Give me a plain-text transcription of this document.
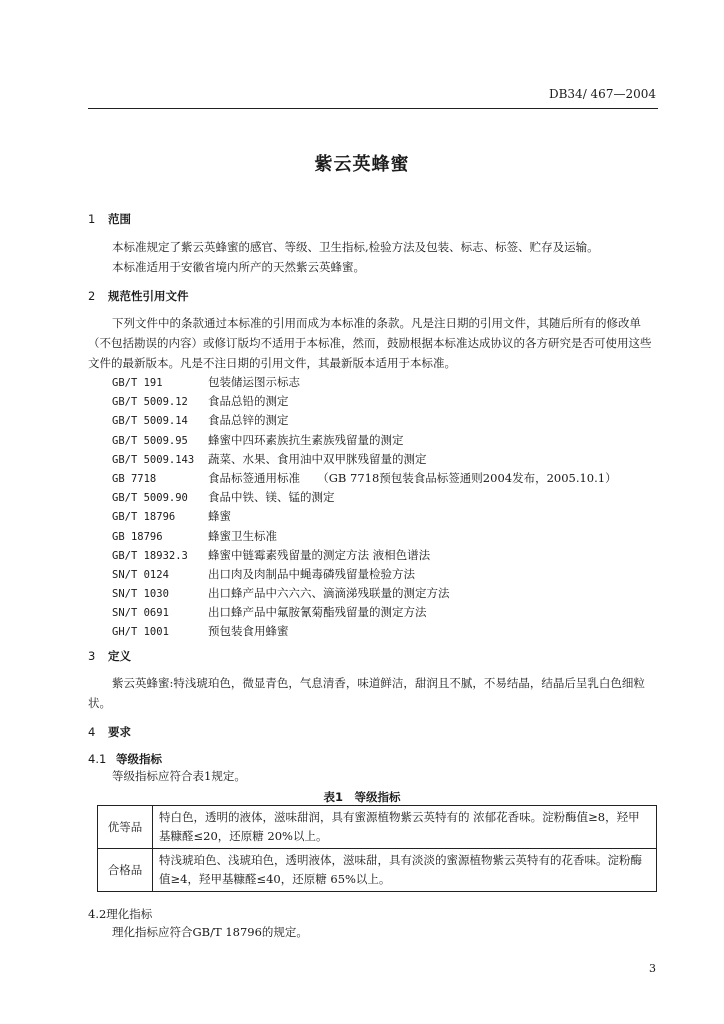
DB34/ 467—2004
紫云英蜂蜜
1 范围
本标准规定了紫云英蜂蜜的感官、等级、卫生指标,检验方法及包装、标志、标签、贮存及运输。
本标准适用于安徽省境内所产的天然紫云英蜂蜜。
2 规范性引用文件
下列文件中的条款通过本标准的引用而成为本标准的条款。凡是注日期的引用文件，其随后所有的修改单（不包括勘误的内容）或修订版均不适用于本标准，然而，鼓励根据本标准达成协议的各方研究是否可使用这些文件的最新版本。凡是不注日期的引用文件，其最新版本适用于本标准。
GB/T 191	包装储运图示标志
GB/T 5009.12 食品总铅的测定
GB/T 5009.14 食品总锌的测定
GB/T 5009.95 蜂蜜中四环素族抗生素族残留量的测定
GB/T 5009.143 蔬菜、水果、食用油中双甲脒残留量的测定
GB 7718	食品标签通用标准　　（GB 7718预包装食品标签通则2004发布，2005.10.1）
GB/T 5009.90 食品中铁、镁、锰的测定
GB/T 18796	蜂蜜
GB 18796	蜂蜜卫生标准
GB/T 18932.3 蜂蜜中链霉素残留量的测定方法 液相色谱法
SN/T 0124	出口肉及肉制品中蝇毒磷残留量检验方法
SN/T 1030	出口蜂产品中六六六、滴滴涕残联量的测定方法
SN/T 0691	出口蜂产品中氟胺氰菊酯残留量的测定方法
GH/T 1001	预包装食用蜂蜜
3 定义
紫云英蜂蜜:特浅琥珀色，微显青色，气息清香，味道鲜洁，甜润且不腻，不易结晶，结晶后呈乳白色细粒状。
4 要求
4.1 等级指标
等级指标应符合表1规定。
表1　等级指标
优等品	特白色，透明的液体，滋味甜润，具有蜜源植物紫云英特有的 浓郁花香味。淀粉酶值≥8，羟甲基糠醛≤20，还原糖 20%以上。
合格品	特浅琥珀色、浅琥珀色，透明液体，滋味甜，具有淡淡的蜜源植物紫云英特有的花香味。淀粉酶值≥4，羟甲基糠醛≤40，还原糖 65%以上。
4.2理化指标
理化指标应符合GB/T 18796的规定。
3
